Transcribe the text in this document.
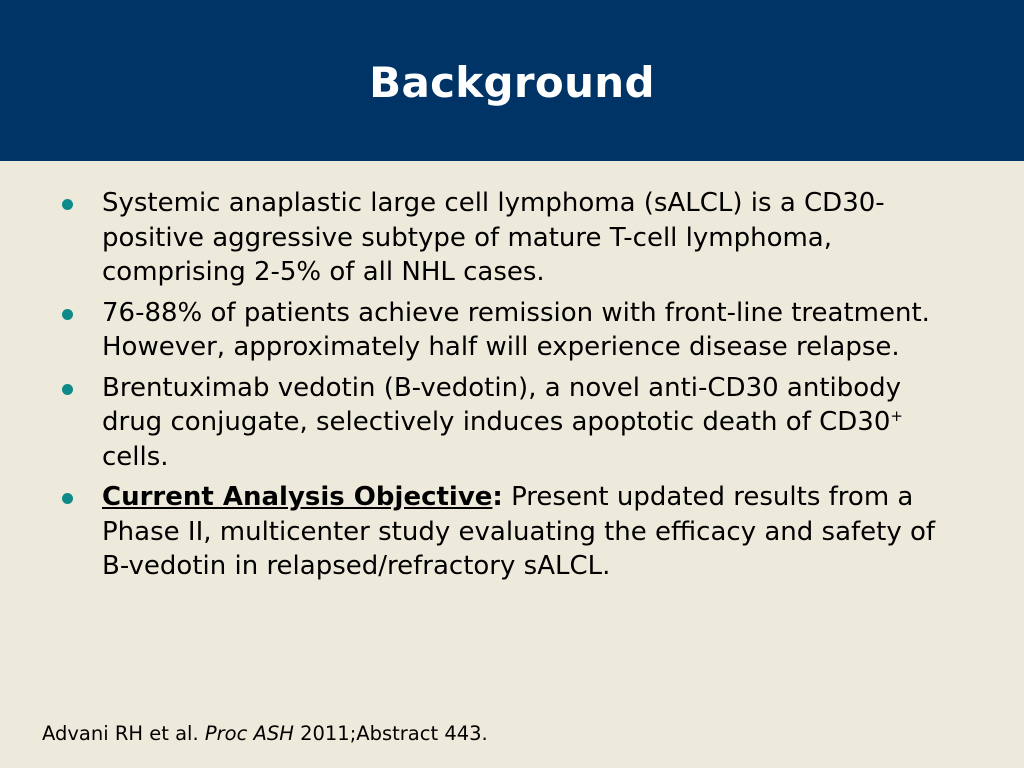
Background
Systemic anaplastic large cell lymphoma (sALCL) is a CD30-positive aggressive subtype of mature T-cell lymphoma, comprising 2-5% of all NHL cases.
76-88% of patients achieve remission with front-line treatment. However, approximately half will experience disease relapse.
Brentuximab vedotin (B-vedotin), a novel anti-CD30 antibody drug conjugate, selectively induces apoptotic death of CD30+ cells.
Current Analysis Objective: Present updated results from a Phase II, multicenter study evaluating the efficacy and safety of B-vedotin in relapsed/refractory sALCL.
Advani RH et al. Proc ASH 2011;Abstract 443.
